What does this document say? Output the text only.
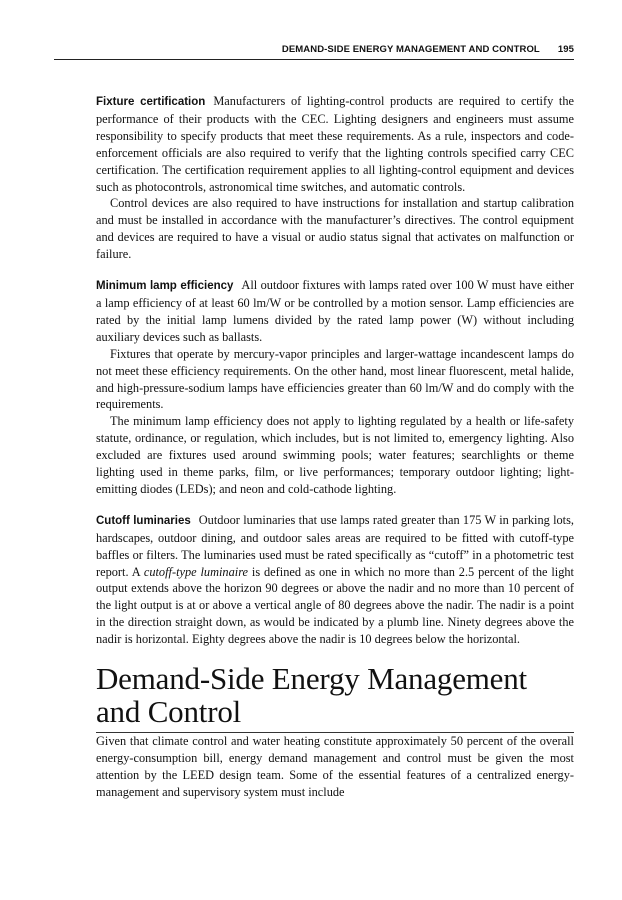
DEMAND-SIDE ENERGY MANAGEMENT AND CONTROL 195

Fixture certification Manufacturers of lighting-control products are required to certify the performance of their products with the CEC. Lighting designers and engineers must assume responsibility to specify products that meet these requirements. As a rule, inspectors and code-enforcement officials are also required to verify that the lighting controls specified carry CEC certification. The certification requirement applies to all lighting-control equipment and devices such as photocontrols, astronomical time switches, and automatic controls.

Control devices are also required to have instructions for installation and startup calibration and must be installed in accordance with the manufacturer’s directives. The control equipment and devices are required to have a visual or audio status signal that activates on malfunction or failure.

Minimum lamp efficiency All outdoor fixtures with lamps rated over 100 W must have either a lamp efficiency of at least 60 lm/W or be controlled by a motion sensor. Lamp efficiencies are rated by the initial lamp lumens divided by the rated lamp power (W) without including auxiliary devices such as ballasts.

Fixtures that operate by mercury-vapor principles and larger-wattage incandescent lamps do not meet these efficiency requirements. On the other hand, most linear fluorescent, metal halide, and high-pressure-sodium lamps have efficiencies greater than 60 lm/W and do comply with the requirements.

The minimum lamp efficiency does not apply to lighting regulated by a health or life-safety statute, ordinance, or regulation, which includes, but is not limited to, emergency lighting. Also excluded are fixtures used around swimming pools; water features; searchlights or theme lighting used in theme parks, film, or live performances; temporary outdoor lighting; light-emitting diodes (LEDs); and neon and cold-cathode lighting.

Cutoff luminaries Outdoor luminaries that use lamps rated greater than 175 W in parking lots, hardscapes, outdoor dining, and outdoor sales areas are required to be fitted with cutoff-type baffles or filters. The luminaries used must be rated specifically as “cutoff” in a photometric test report. A cutoff-type luminaire is defined as one in which no more than 2.5 percent of the light output extends above the horizon 90 degrees or above the nadir and no more than 10 percent of the light output is at or above a vertical angle of 80 degrees above the nadir. The nadir is a point in the direction straight down, as would be indicated by a plumb line. Ninety degrees above the nadir is horizontal. Eighty degrees above the nadir is 10 degrees below the horizontal.

Demand-Side Energy Management
and Control

Given that climate control and water heating constitute approximately 50 percent of the overall energy-consumption bill, energy demand management and control must be given the most attention by the LEED design team. Some of the essential features of a centralized energy-management and supervisory system must include
